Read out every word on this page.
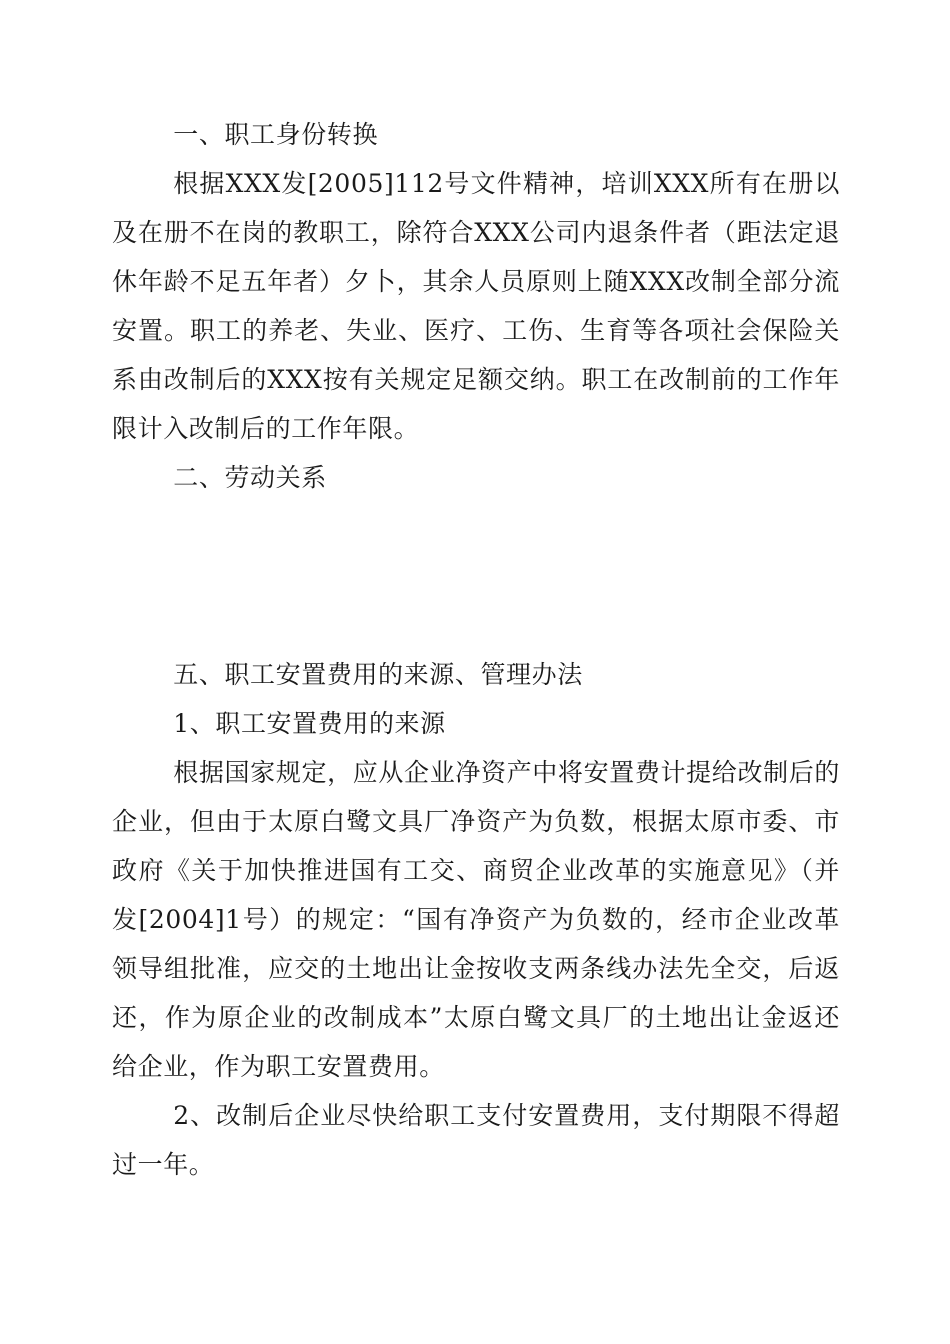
一、职工身份转换

根据XXX发[2005]112号文件精神，培训XXX所有在册以及在册不在岗的教职工，除符合XXX公司内退条件者（距法定退休年龄不足五年者）夕卜，其余人员原则上随XXX改制全部分流安置。职工的养老、失业、医疗、工伤、生育等各项社会保险关系由改制后的XXX按有关规定足额交纳。职工在改制前的工作年限计入改制后的工作年限。

二、劳动关系

五、职工安置费用的来源、管理办法

1、职工安置费用的来源

根据国家规定，应从企业净资产中将安置费计提给改制后的企业，但由于太原白鹭文具厂净资产为负数，根据太原市委、市政府《关于加快推进国有工交、商贸企业改革的实施意见》（并发[2004]1号）的规定：“国有净资产为负数的，经市企业改革领导组批准，应交的土地出让金按收支两条线办法先全交，后返还，作为原企业的改制成本”太原白鹭文具厂的土地出让金返还给企业，作为职工安置费用。

2、改制后企业尽快给职工支付安置费用，支付期限不得超过一年。
